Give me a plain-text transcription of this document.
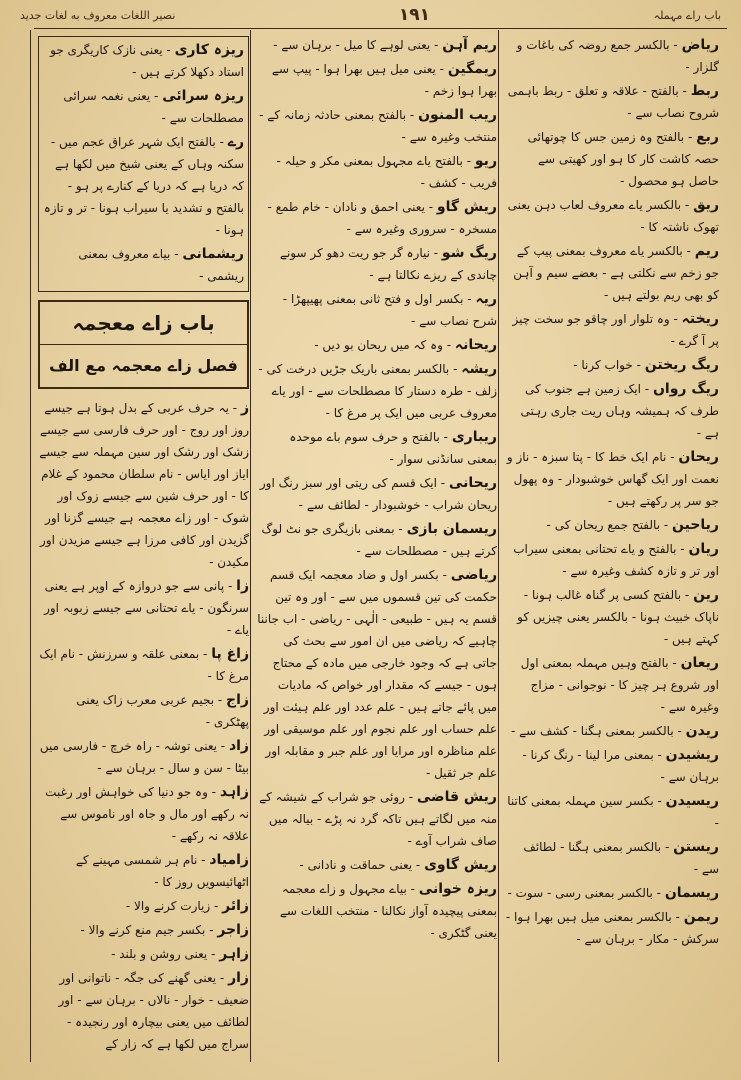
باب راے مہملہ
۱۹۱
نصیر اللغات معروف به لغات جدید
ریاض - بالکسر جمع روضہ کی باغات و گلزار -
ربط - بالفتح - علاقہ و تعلق - ربط باہمی شروح نصاب سے -
ربع - بالفتح وہ زمین جس کا چوتھائی حصہ کاشت کار کا ہو اور کھیتی سے حاصل ہو محصول -
ریق - بالکسر یاے معروف لعاب دہن یعنی تھوک ناشتہ کا -
ریم - بالکسر یاے معروف بمعنی پیپ کے جو زخم سے نکلتی ہے - بعضے سیم و آہن کو بھی ریم بولتے ہیں -
ریختہ - وہ تلوار اور چاقو جو سخت چیز پر آ گرے -
ریگ ریختن - خواب کرنا -
ریگ رواں - ایک زمین ہے جنوب کی طرف کہ ہمیشہ وہاں ریت جاری رہتی ہے -
ریحان - نام ایک خط کا - پتا سبزہ - ناز و نعمت اور ایک گھاس خوشبودار - وہ پھول جو سر پر رکھتے ہیں -
ریاحین - بالفتح جمع ریحان کی -
ریان - بالفتح و یاے تحتانی بمعنی سیراب اور تر و تازہ کشف وغیرہ سے -
رین - بالفتح کسی پر گناہ غالب ہونا - ناپاک خبیث ہونا - بالکسر یعنی چیزیں کو کہتے ہیں -
ریعان - بالفتح وہیں مہملہ بمعنی اول اور شروع ہر چیز کا - نوجوانی - مزاج وغیرہ سے -
ریدن - بالکسر بمعنی ہگنا - کشف سے -
ریشیدن - بمعنی مرا لینا - رنگ کرنا - برہان سے -
ریسیدن - بکسر سین مہملہ بمعنی کاتنا -
ریستن - بالکسر بمعنی ہگنا - لطائف سے -
ریسمان - بالکسر بمعنی رسی - سوت -
ریمن - بالکسر بمعنی میل ہیں بھرا ہوا - سرکش - مکار - برہان سے -
ریم آہن - یعنی لوہے کا میل - برہان سے -
ریمگین - یعنی میل ہیں بھرا ہوا - پیپ سے بھرا ہوا زخم -
ریب المنون - بالفتح بمعنی حادثہ زمانہ کے - منتخب وغیرہ سے -
ریو - بالفتح یاے مجہول بمعنی مکر و حیلہ - فریب - کشف -
ریش گاو - یعنی احمق و نادان - خام طمع - مسخرہ - سروری وغیرہ سے -
ریگ شو - نیارہ گر جو ریت دھو کر سونے چاندی کے ریزے نکالتا ہے -
ریہ - بکسر اول و فتح ثانی بمعنی پھیپھڑا - شرح نصاب سے -
ریحانہ - وہ کہ میں ریحان بو دیں -
ریشہ - بالکسر بمعنی باریک جڑیں درخت کی - زلف - طرہ دستار کا مصطلحات سے - اور یاے معروف عربی میں ایک پر مرغ کا -
ریباری - بالفتح و حرف سوم باے موحدہ بمعنی سانڈنی سوار -
ریحانی - ایک قسم کی ریتی اور سبز رنگ اور ریحان شراب - خوشبودار - لطائف سے -
ریسمان بازی - بمعنی بازیگری جو نٹ لوگ کرتے ہیں - مصطلحات سے -
ریاضی - بکسر اول و ضاد معجمہ ایک قسم حکمت کی تین قسموں میں سے - اور وہ تین قسم یہ ہیں - طبیعی - الٰہی - ریاضی - اب جاننا چاہیے کہ ریاضی میں ان امور سے بحث کی جاتی ہے کہ وجود خارجی میں مادہ کے محتاج ہوں - جیسے کہ مقدار اور خواص کہ مادیات میں پائے جاتے ہیں - علم عدد اور علم ہیئت اور علم حساب اور علم نجوم اور علم موسیقی اور علم مناظرہ اور مرایا اور علم جبر و مقابلہ اور علم جر ثقیل -
ریش قاضی - روئی جو شراب کے شیشہ کے منہ میں لگاتے ہیں تاکہ گرد نہ پڑے - بیالہ میں صاف شراب آوے -
ریش گاوی - یعنی حماقت و نادانی -
ریزہ خوانی - بیاے مجہول و زاے معجمہ بمعنی پیچیدہ آواز نکالنا - منتخب اللغات سے یعنی گٹکری -
ریزہ کاری - یعنی نازک کاریگری جو استاد دکھلا کرتے ہیں -
ریزہ سرائی - یعنی نغمہ سرائی مصطلحات سے -
رے - بالفتح ایک شہر عراق عجم میں - سکنہ وہاں کے یعنی شیخ میں لکھا ہے کہ دریا ہے کہ دریا کے کنارے پر ہو - بالفتح و تشدید یا سیراب ہونا - تر و تازہ ہونا -
ریشمانی - بیاے معروف بمعنی ریشمی -
باب زاے معجمہ
فصل زاے معجمہ مع الف
ز - یہ حرف عربی کے بدل ہوتا ہے جیسے روز اور روج - اور حرف فارسی سے جیسے زشک اور رشک اور سین مہملہ سے جیسے ایاز اور ایاس - نام سلطان محمود کے غلام کا - اور حرف شین سے جیسے زوک اور شوک - اور زاے معجمہ ہے جیسے گزنا اور گزیدن اور کافی مرزا ہے جیسے مزیدن اور مکیدن -
زا - پانی سے جو دروازہ کے اوپر ہے یعنی سرنگون - یاے تحتانی سے جیسے زبوبہ اور یاے -
زاغ پا - بمعنی علقہ و سرزنش - نام ایک مرغ کا -
زاج - بجیم عربی معرب زاک یعنی پھٹکری -
زاد - یعنی توشہ - راہ خرچ - فارسی میں بیٹا - سن و سال - برہان سے -
زاہد - وہ جو دنیا کی خواہش اور رغبت نہ رکھے اور مال و جاہ اور ناموس سے علاقہ نہ رکھے -
زامیاد - نام ہر شمسی مہینے کے اٹھائیسویں روز کا -
زائر - زیارت کرنے والا -
زاجر - بکسر جیم منع کرنے والا -
زاہر - یعنی روشن و بلند -
زار - یعنی گھنے کی جگہ - ناتوانی اور ضعیف - خوار - نالاں - برہان سے - اور لطائف میں یعنی بیچارہ اور رنجیدہ - سراج میں لکھا ہے کہ زار کے
